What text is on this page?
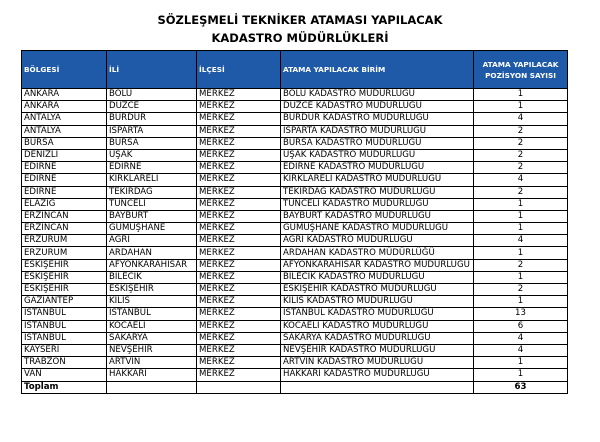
SÖZLEŞMELİ TEKNİKER ATAMASI YAPILACAK
KADASTRO MÜDÜRLÜKLERİ
BÖLGESİ	İLİ	İLÇESİ	ATAMA YAPILACAK BİRİM	ATAMA YAPILACAK POZİSYON SAYISI
ANKARA	BOLU	MERKEZ	BOLU KADASTRO MÜDÜRLÜĞÜ	1
ANKARA	DÜZCE	MERKEZ	DÜZCE KADASTRO MÜDÜRLÜĞÜ	1
ANTALYA	BURDUR	MERKEZ	BURDUR KADASTRO MÜDÜRLÜĞÜ	4
ANTALYA	ISPARTA	MERKEZ	ISPARTA KADASTRO MÜDÜRLÜĞÜ	2
BURSA	BURSA	MERKEZ	BURSA KADASTRO MÜDÜRLÜĞÜ	2
DENİZLİ	UŞAK	MERKEZ	UŞAK KADASTRO MÜDÜRLÜĞÜ	2
EDİRNE	EDİRNE	MERKEZ	EDİRNE KADASTRO MÜDÜRLÜĞÜ	2
EDİRNE	KIRKLARELİ	MERKEZ	KIRKLARELİ KADASTRO MÜDÜRLÜĞÜ	4
EDİRNE	TEKİRDAĞ	MERKEZ	TEKİRDAĞ KADASTRO MÜDÜRLÜĞÜ	2
ELAZIĞ	TUNCELİ	MERKEZ	TUNCELİ KADASTRO MÜDÜRLÜĞÜ	1
ERZİNCAN	BAYBURT	MERKEZ	BAYBURT KADASTRO MÜDÜRLÜĞÜ	1
ERZİNCAN	GÜMÜŞHANE	MERKEZ	GÜMÜŞHANE KADASTRO MÜDÜRLÜĞÜ	1
ERZURUM	AĞRI	MERKEZ	AĞRI KADASTRO MÜDÜRLÜĞÜ	4
ERZURUM	ARDAHAN	MERKEZ	ARDAHAN KADASTRO MÜDÜRLÜĞÜ	1
ESKİŞEHİR	AFYONKARAHİSAR	MERKEZ	AFYONKARAHİSAR KADASTRO MÜDÜRLÜĞÜ	2
ESKİŞEHİR	BİLECİK	MERKEZ	BİLECİK KADASTRO MÜDÜRLÜĞÜ	1
ESKİŞEHİR	ESKİŞEHİR	MERKEZ	ESKİŞEHİR KADASTRO MÜDÜRLÜĞÜ	2
GAZİANTEP	KİLİS	MERKEZ	KİLİS KADASTRO MÜDÜRLÜĞÜ	1
İSTANBUL	İSTANBUL	MERKEZ	İSTANBUL KADASTRO MÜDÜRLÜĞÜ	13
İSTANBUL	KOCAELİ	MERKEZ	KOCAELİ KADASTRO MÜDÜRLÜĞÜ	6
İSTANBUL	SAKARYA	MERKEZ	SAKARYA KADASTRO MÜDÜRLÜĞÜ	4
KAYSERİ	NEVŞEHİR	MERKEZ	NEVŞEHİR KADASTRO MÜDÜRLÜĞÜ	4
TRABZON	ARTVİN	MERKEZ	ARTVİN KADASTRO MÜDÜRLÜĞÜ	1
VAN	HAKKARİ	MERKEZ	HAKKARİ KADASTRO MÜDÜRLÜĞÜ	1
Toplam				63
